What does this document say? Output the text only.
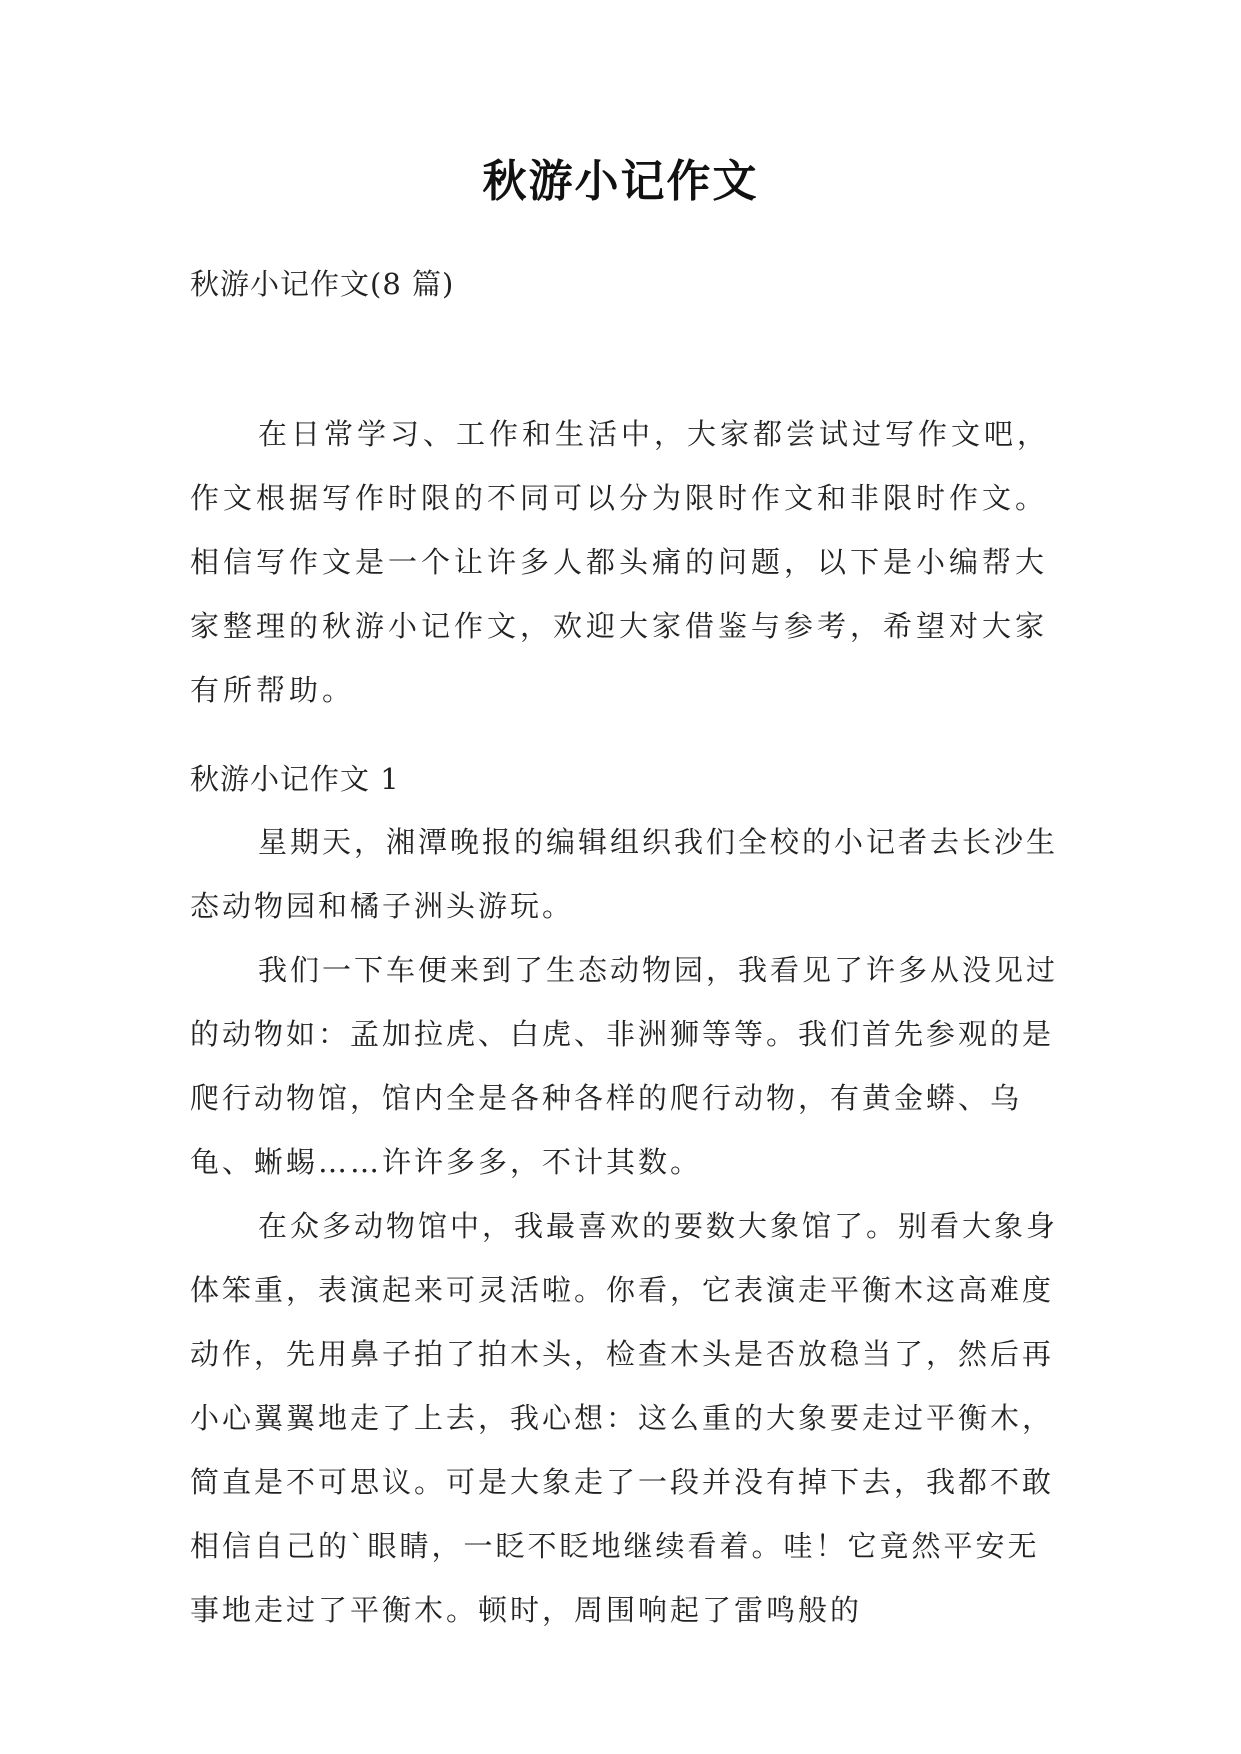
秋游小记作文
秋游小记作文(8 篇)

在日常学习、工作和生活中，大家都尝试过写作文吧，作文根据写作时限的不同可以分为限时作文和非限时作文。相信写作文是一个让许多人都头痛的问题，以下是小编帮大家整理的秋游小记作文，欢迎大家借鉴与参考，希望对大家有所帮助。

秋游小记作文 1

星期天，湘潭晚报的编辑组织我们全校的小记者去长沙生态动物园和橘子洲头游玩。

我们一下车便来到了生态动物园，我看见了许多从没见过的动物如：孟加拉虎、白虎、非洲狮等等。我们首先参观的是爬行动物馆，馆内全是各种各样的爬行动物，有黄金蟒、乌龟、蜥蜴……许许多多，不计其数。

在众多动物馆中，我最喜欢的要数大象馆了。别看大象身体笨重，表演起来可灵活啦。你看，它表演走平衡木这高难度动作，先用鼻子拍了拍木头，检查木头是否放稳当了，然后再小心翼翼地走了上去，我心想：这么重的大象要走过平衡木，简直是不可思议。可是大象走了一段并没有掉下去，我都不敢相信自己的`眼睛，一眨不眨地继续看着。哇！它竟然平安无事地走过了平衡木。顿时，周围响起了雷鸣般的
